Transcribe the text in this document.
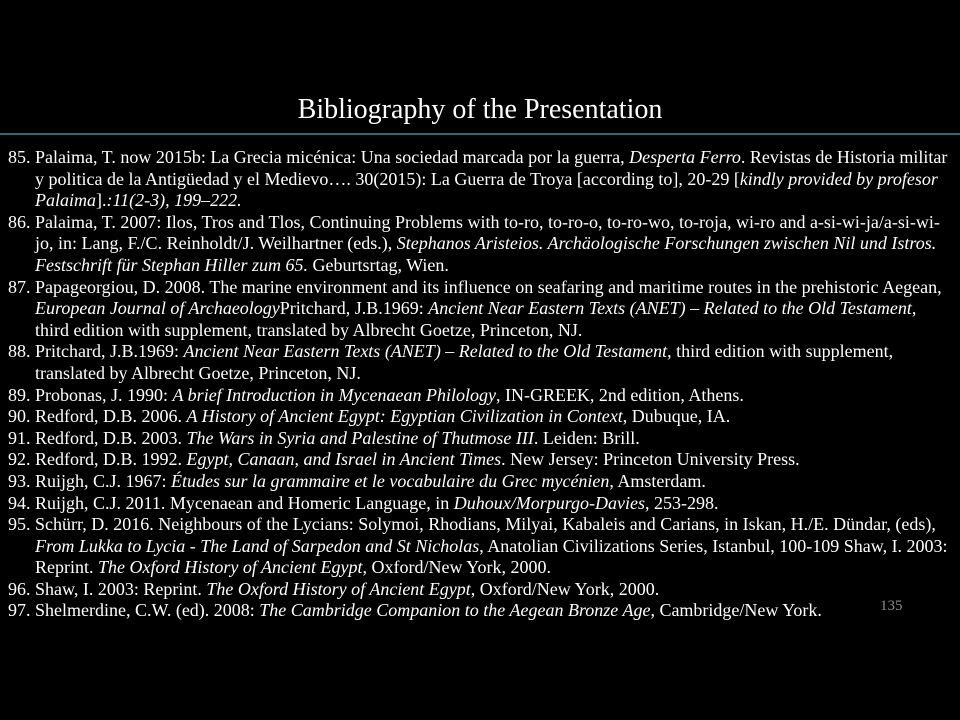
Bibliography of the Presentation
85. Palaima, T. now 2015b: La Grecia micénica: Una sociedad marcada por la guerra, Desperta Ferro. Revistas de Historia militar y politica de la Antigüedad y el Medievo…. 30(2015): La Guerra de Troya [according to], 20-29 [kindly provided by profesor Palaima].:11(2-3), 199–222.
86. Palaima, T. 2007: Ilos, Tros and Tlos, Continuing Problems with to-ro, to-ro-o, to-ro-wo, to-roja, wi-ro and a-si-wi-ja/a-si-wi-jo, in: Lang, F./C. Reinholdt/J. Weilhartner (eds.), Stephanos Aristeios. Archäologische Forschungen zwischen Nil und Istros. Festschrift für Stephan Hiller zum 65. Geburtsrtag, Wien.
87. Papageorgiou, D. 2008. The marine environment and its influence on seafaring and maritime routes in the prehistoric Aegean, European Journal of ArchaeologyPritchard, J.B.1969: Ancient Near Eastern Texts (ANET) – Related to the Old Testament, third edition with supplement, translated by Albrecht Goetze, Princeton, NJ.
88. Pritchard, J.B.1969: Ancient Near Eastern Texts (ANET) – Related to the Old Testament, third edition with supplement, translated by Albrecht Goetze, Princeton, NJ.
89. Probonas, J. 1990: A brief Introduction in Mycenaean Philology, IN-GREEK, 2nd edition, Athens.
90. Redford, D.B. 2006. A History of Ancient Egypt: Egyptian Civilization in Context, Dubuque, IA.
91. Redford, D.B. 2003. The Wars in Syria and Palestine of Thutmose III. Leiden: Brill.
92. Redford, D.B. 1992. Egypt, Canaan, and Israel in Ancient Times. New Jersey: Princeton University Press.
93. Ruijgh, C.J. 1967: Études sur la grammaire et le vocabulaire du Grec mycénien, Amsterdam.
94. Ruijgh, C.J. 2011. Mycenaean and Homeric Language, in Duhoux/Morpurgo-Davies, 253-298.
95. Schürr, D. 2016. Neighbours of the Lycians: Solymoi, Rhodians, Milyai, Kabaleis and Carians, in Iskan, H./E. Dündar, (eds), From Lukka to Lycia - The Land of Sarpedon and St Nicholas, Anatolian Civilizations Series, Istanbul, 100-109 Shaw, I. 2003: Reprint. The Oxford History of Ancient Egypt, Oxford/New York, 2000.
96. Shaw, I. 2003: Reprint. The Oxford History of Ancient Egypt, Oxford/New York, 2000.
97. Shelmerdine, C.W. (ed). 2008: The Cambridge Companion to the Aegean Bronze Age, Cambridge/New York.	135
